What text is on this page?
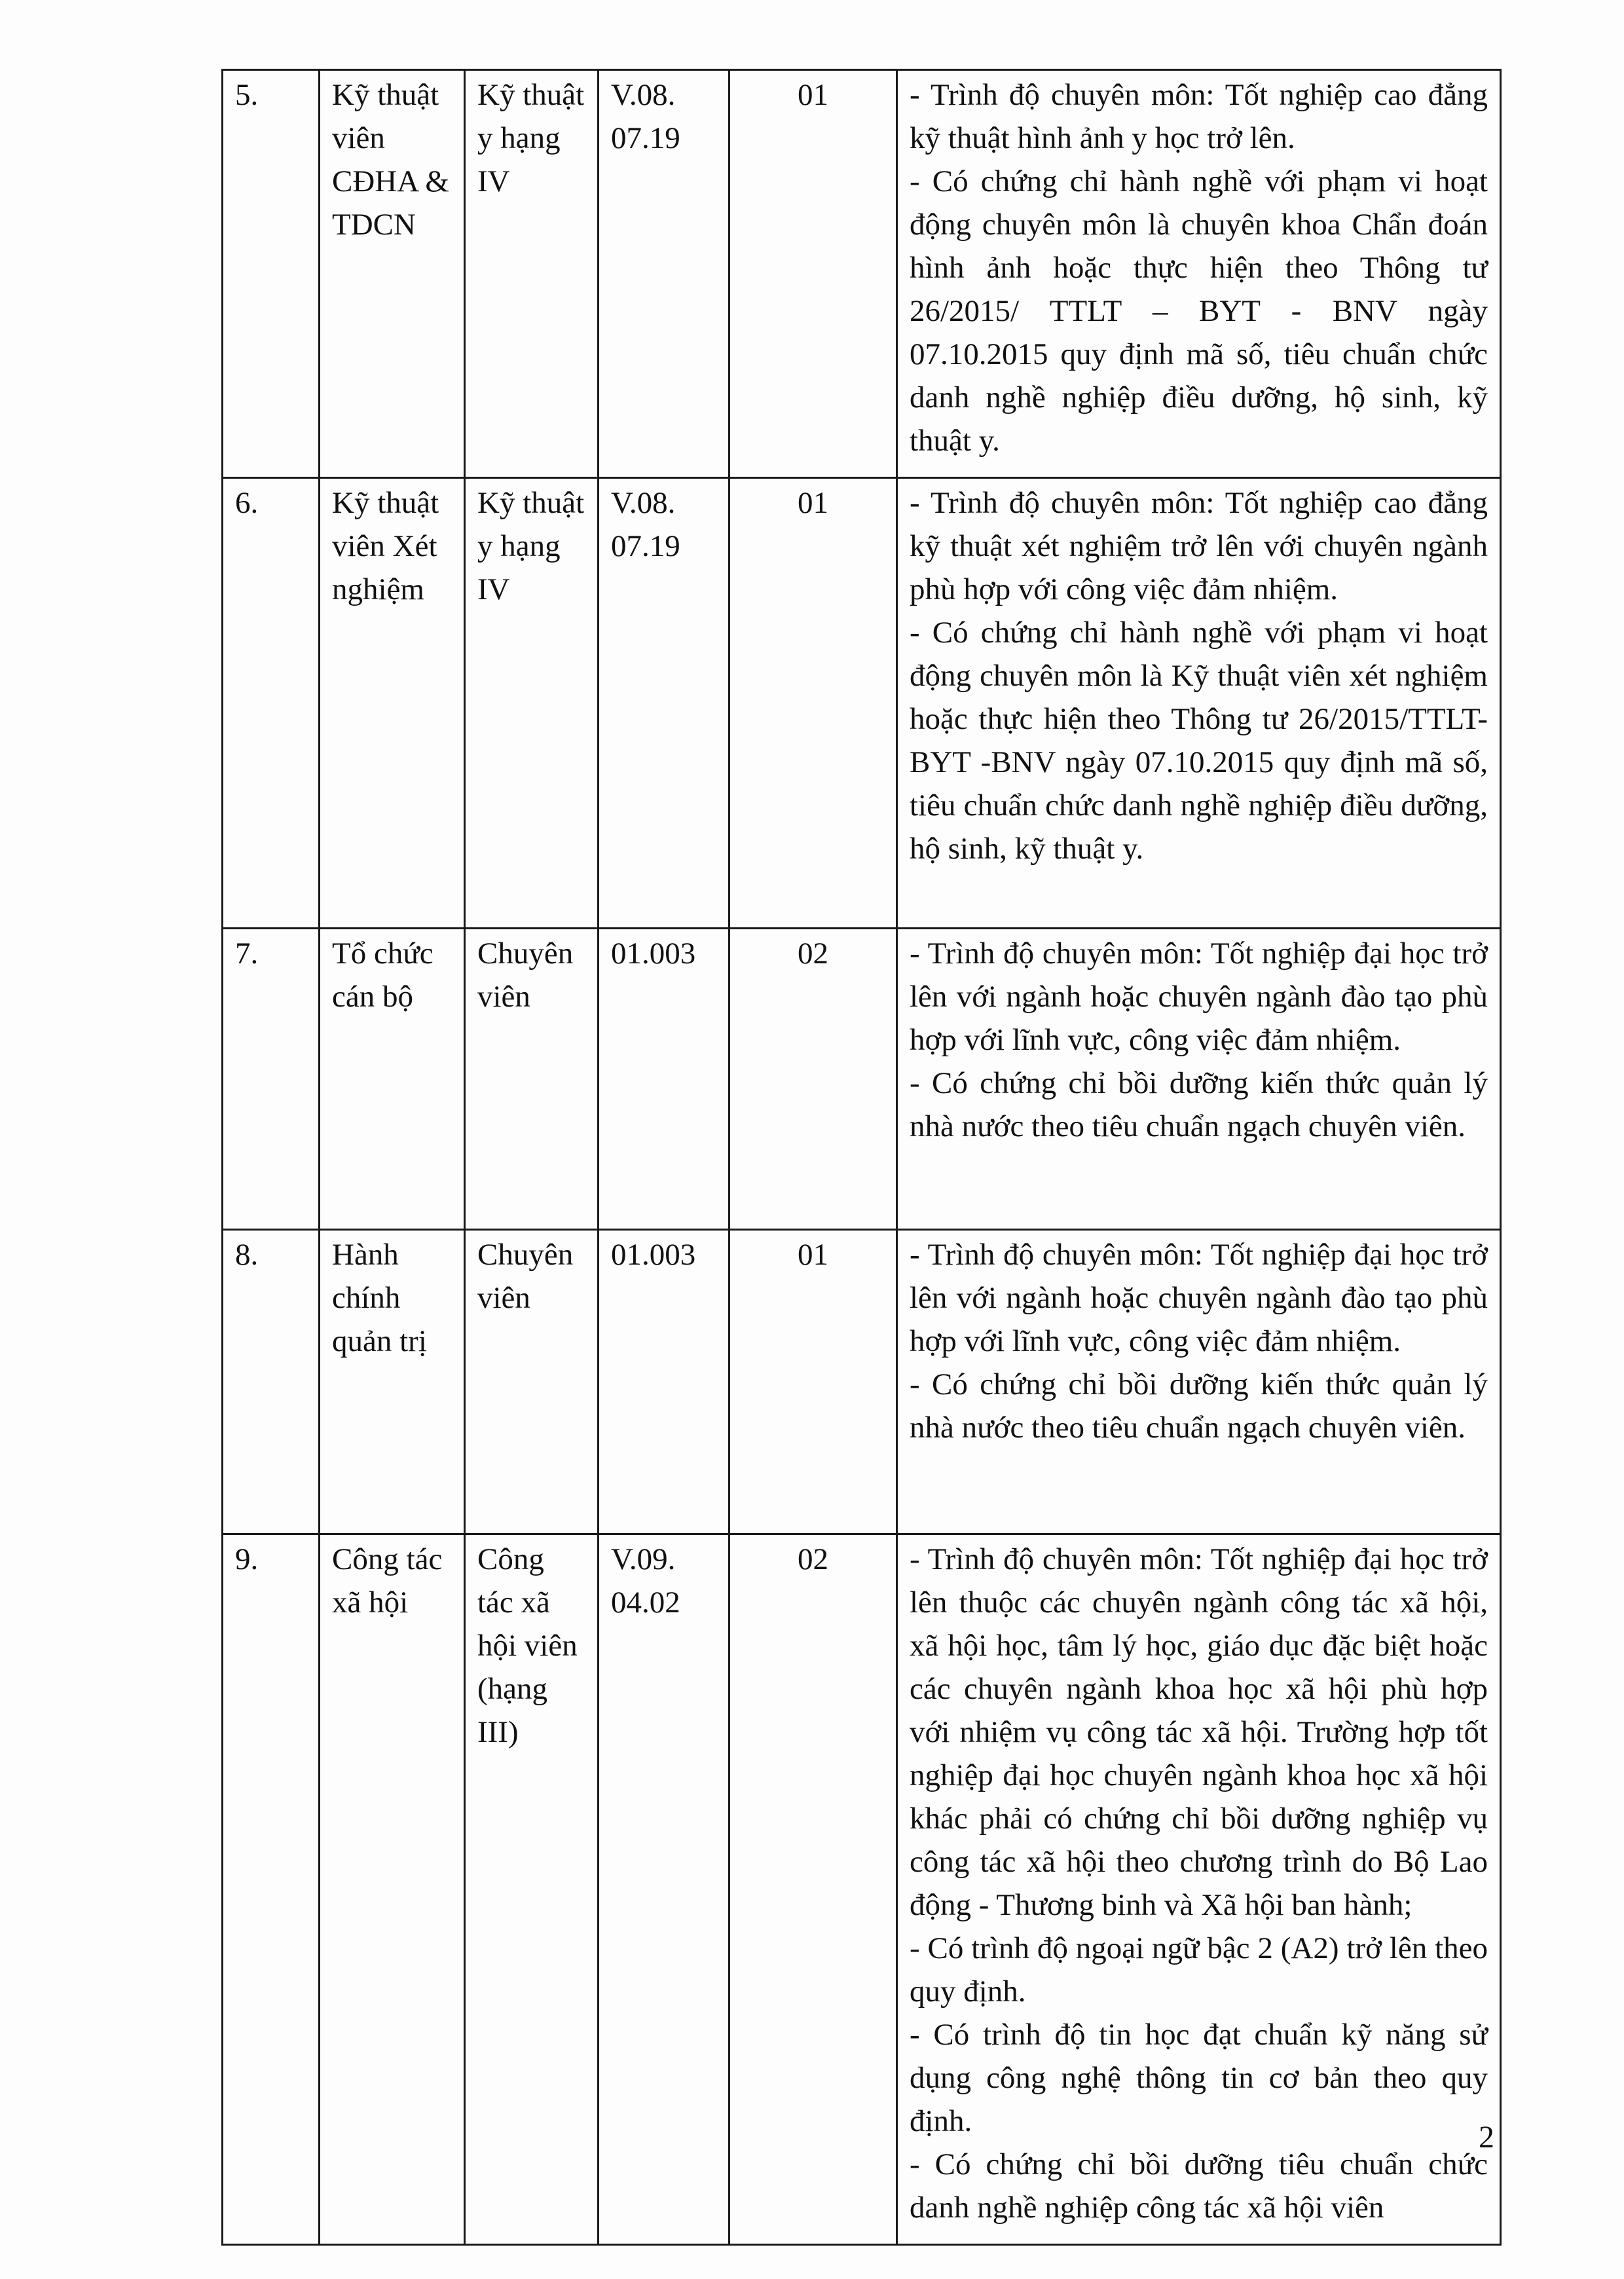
5.	Kỹ thuật viên CĐHA & TDCN	Kỹ thuật y hạng IV	V.08. 07.19	01	- Trình độ chuyên môn: Tốt nghiệp cao đẳng kỹ thuật hình ảnh y học trở lên.
- Có chứng chỉ hành nghề với phạm vi hoạt động chuyên môn là chuyên khoa Chẩn đoán hình ảnh hoặc thực hiện theo Thông tư 26/2015/ TTLT – BYT - BNV ngày 07.10.2015 quy định mã số, tiêu chuẩn chức danh nghề nghiệp điều dưỡng, hộ sinh, kỹ thuật y.

6.	Kỹ thuật viên Xét nghiệm	Kỹ thuật y hạng IV	V.08. 07.19	01	- Trình độ chuyên môn: Tốt nghiệp cao đẳng kỹ thuật xét nghiệm trở lên với chuyên ngành phù hợp với công việc đảm nhiệm.
- Có chứng chỉ hành nghề với phạm vi hoạt động chuyên môn là Kỹ thuật viên xét nghiệm hoặc thực hiện theo Thông tư 26/2015/TTLT- BYT -BNV ngày 07.10.2015 quy định mã số, tiêu chuẩn chức danh nghề nghiệp điều dưỡng, hộ sinh, kỹ thuật y.

7.	Tổ chức cán bộ	Chuyên viên	01.003	02	- Trình độ chuyên môn: Tốt nghiệp đại học trở lên với ngành hoặc chuyên ngành đào tạo phù hợp với lĩnh vực, công việc đảm nhiệm.
- Có chứng chỉ bồi dưỡng kiến thức quản lý nhà nước theo tiêu chuẩn ngạch chuyên viên.

8.	Hành chính quản trị	Chuyên viên	01.003	01	- Trình độ chuyên môn: Tốt nghiệp đại học trở lên với ngành hoặc chuyên ngành đào tạo phù hợp với lĩnh vực, công việc đảm nhiệm.
- Có chứng chỉ bồi dưỡng kiến thức quản lý nhà nước theo tiêu chuẩn ngạch chuyên viên.

9.	Công tác xã hội	Công tác xã hội viên (hạng III)	V.09. 04.02	02	- Trình độ chuyên môn: Tốt nghiệp đại học trở lên thuộc các chuyên ngành công tác xã hội, xã hội học, tâm lý học, giáo dục đặc biệt hoặc các chuyên ngành khoa học xã hội phù hợp với nhiệm vụ công tác xã hội. Trường hợp tốt nghiệp đại học chuyên ngành khoa học xã hội khác phải có chứng chỉ bồi dưỡng nghiệp vụ công tác xã hội theo chương trình do Bộ Lao động - Thương binh và Xã hội ban hành;
- Có trình độ ngoại ngữ bậc 2 (A2) trở lên theo quy định.
- Có trình độ tin học đạt chuẩn kỹ năng sử dụng công nghệ thông tin cơ bản theo quy định.
- Có chứng chỉ bồi dưỡng tiêu chuẩn chức danh nghề nghiệp công tác xã hội viên
2
